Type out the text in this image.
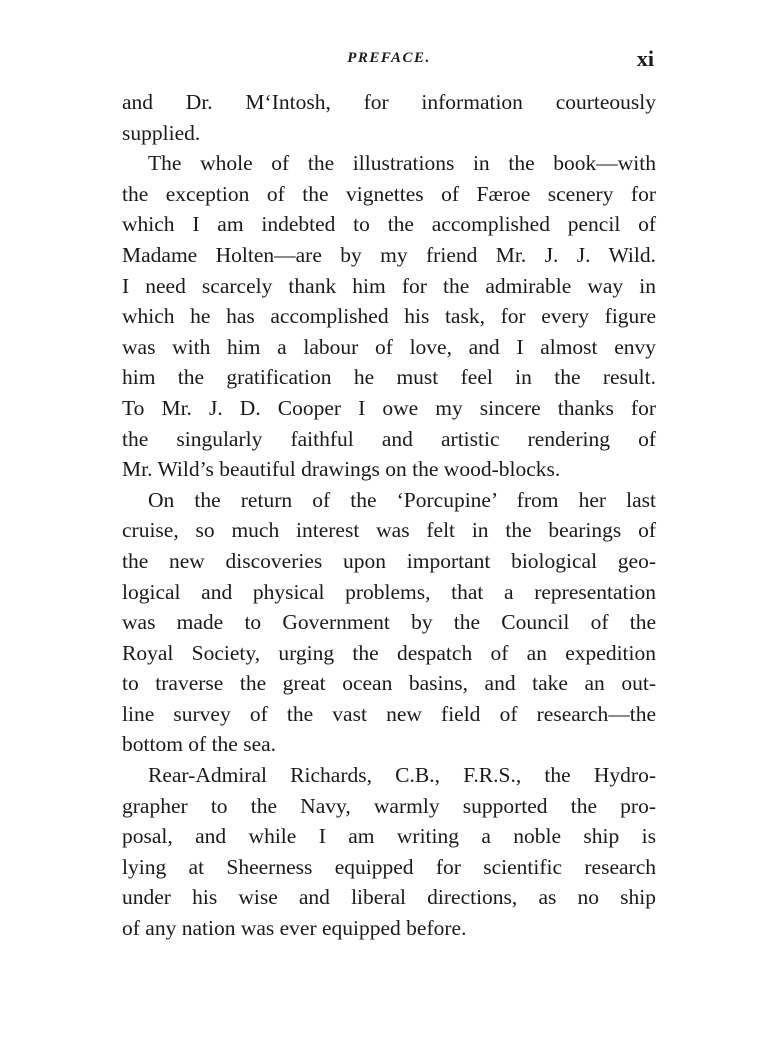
PREFACE.	xi
and Dr. M‘Intosh, for information courteously
supplied.
The whole of the illustrations in the book—with
the exception of the vignettes of Færoe scenery for
which I am indebted to the accomplished pencil of
Madame Holten—are by my friend Mr. J. J. Wild.
I need scarcely thank him for the admirable way in
which he has accomplished his task, for every figure
was with him a labour of love, and I almost envy
him the gratification he must feel in the result.
To Mr. J. D. Cooper I owe my sincere thanks for
the singularly faithful and artistic rendering of
Mr. Wild’s beautiful drawings on the wood-blocks.
On the return of the ‘Porcupine’ from her last
cruise, so much interest was felt in the bearings of
the new discoveries upon important biological geo-
logical and physical problems, that a representation
was made to Government by the Council of the
Royal Society, urging the despatch of an expedition
to traverse the great ocean basins, and take an out-
line survey of the vast new field of research—the
bottom of the sea.
Rear-Admiral Richards, C.B., F.R.S., the Hydro-
grapher to the Navy, warmly supported the pro-
posal, and while I am writing a noble ship is
lying at Sheerness equipped for scientific research
under his wise and liberal directions, as no ship
of any nation was ever equipped before.
